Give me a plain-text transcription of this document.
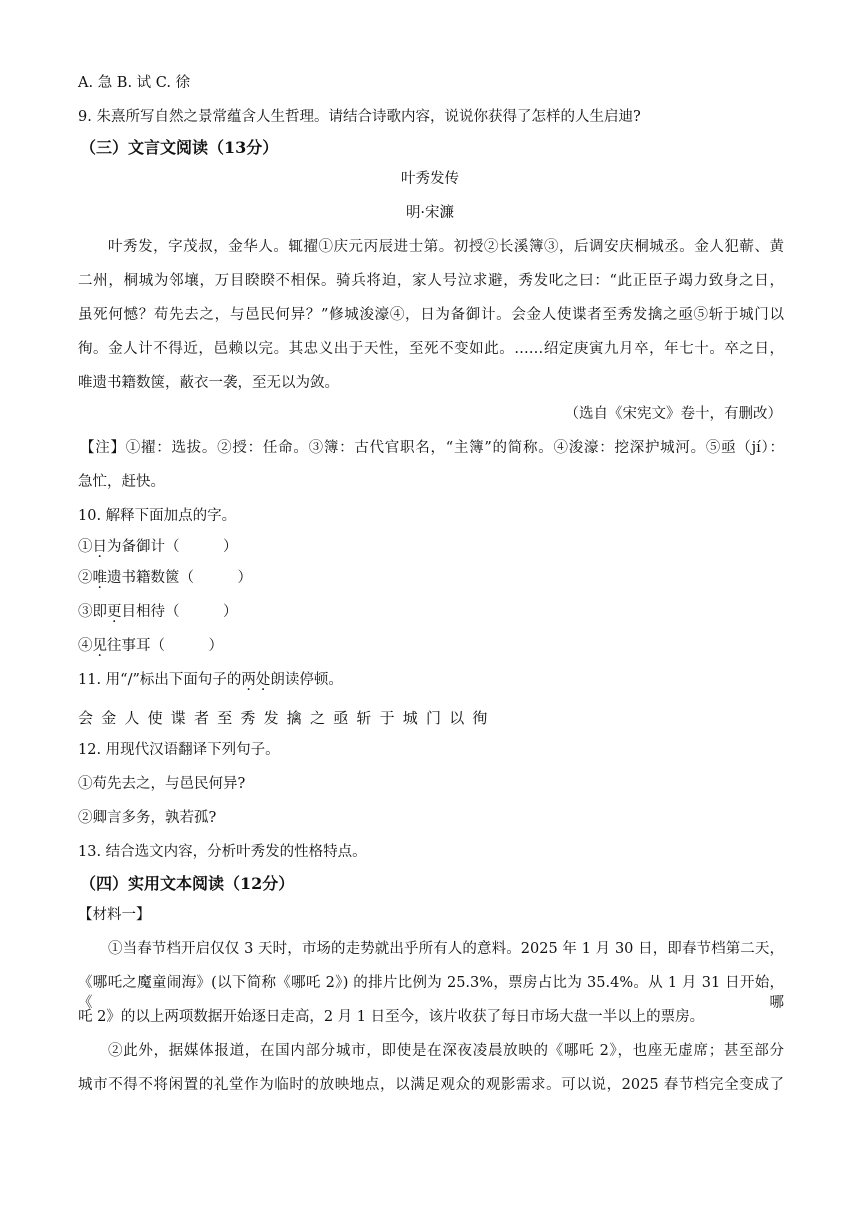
A. 急 B. 试 C. 徐
9. 朱熹所写自然之景常蕴含人生哲理。请结合诗歌内容，说说你获得了怎样的人生启迪?
（三）文言文阅读（13分）
叶秀发传
明·宋濂
叶秀发，字茂叔，金华人。辄擢①庆元丙辰进士第。初授②长溪簿③，后调安庆桐城丞。金人犯蕲、黄
二州，桐城为邻壤，万目睽睽不相保。骑兵将迫，家人号泣求避，秀发叱之曰：“此正臣子竭力致身之日，
虽死何憾？苟先去之，与邑民何异？”修城浚濠④，日为备御计。会金人使谍者至秀发擒之亟⑤斩于城门以
徇。金人计不得近，邑赖以完。其忠义出于天性，至死不变如此。……绍定庚寅九月卒，年七十。卒之日，
唯遗书籍数箧，蔽衣一袭，至无以为敛。
（选自《宋宪文》卷十，有删改）
【注】①擢：选拔。②授：任命。③簿：古代官职名，“主簿”的简称。④浚濠：挖深护城河。⑤亟（jí）：
急忙，赶快。
10. 解释下面加点的字。
①日为备御计（　　　）
②唯遗书籍数篋（　　　）
③即更目相待（　　　）
④见往事耳（　　　）
11. 用“/”标出下面句子的两处朗读停顿。
会金人使谍者至秀发擒之亟斩于城门以徇
12. 用现代汉语翻译下列句子。
①苟先去之，与邑民何异?
②卿言多务，孰若孤?
13. 结合选文内容，分析叶秀发的性格特点。
（四）实用文本阅读（12分）
【材料一】
①当春节档开启仅仅 3 天时，市场的走势就出乎所有人的意料。2025 年 1 月 30 日，即春节档第二天，
《哪吒之魔童闹海》(以下简称《哪吒 2》) 的排片比例为 25.3%，票房占比为 35.4%。从 1 月 31 日开始，《哪
吒 2》的以上两项数据开始逐日走高，2 月 1 日至今，该片收获了每日市场大盘一半以上的票房。
②此外，据媒体报道，在国内部分城市，即使是在深夜凌晨放映的《哪吒 2》，也座无虚席；甚至部分
城市不得不将闲置的礼堂作为临时的放映地点，以满足观众的观影需求。可以说，2025 春节档完全变成了
